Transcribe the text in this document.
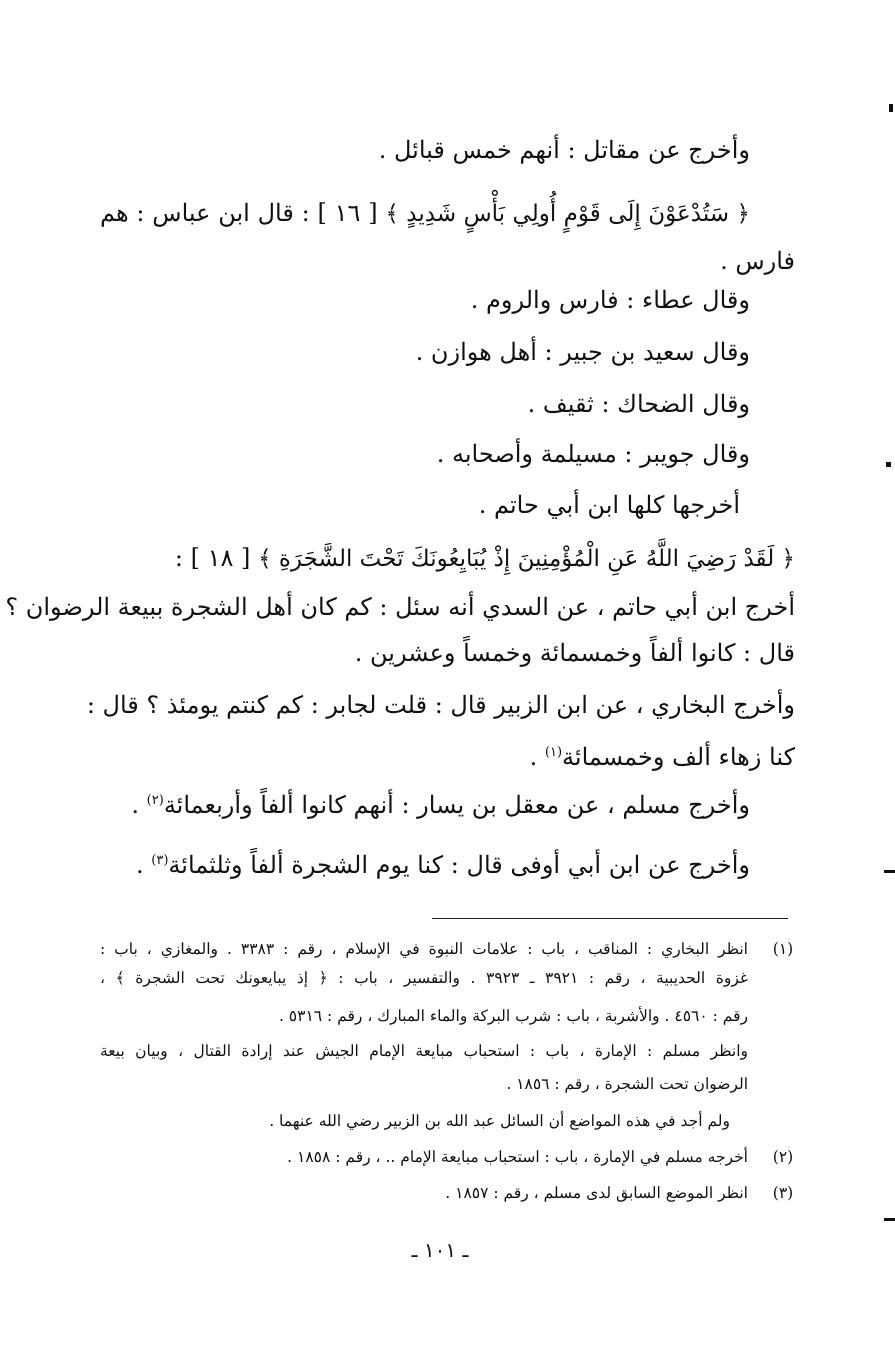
وأخرج عن مقاتل : أنهم خمس قبائل .

﴿ سَتُدْعَوْنَ إِلَى قَوْمٍ أُولِي بَأْسٍ شَدِيدٍ ﴾ [ ١٦ ] : قال ابن عباس : هم

فارس .

وقال عطاء : فارس والروم .

وقال سعيد بن جبير : أهل هوازن .

وقال الضحاك : ثقيف .

وقال جويبر : مسيلمة وأصحابه .

أخرجها كلها ابن أبي حاتم .

﴿ لَقَدْ رَضِيَ اللَّهُ عَنِ الْمُؤْمِنِينَ إِذْ يُبَايِعُونَكَ تَحْتَ الشَّجَرَةِ ﴾ [ ١٨ ] :

أخرج ابن أبي حاتم ، عن السدي أنه سئل : كم كان أهل الشجرة ببيعة الرضوان ؟

قال : كانوا ألفاً وخمسمائة وخمساً وعشرين .

وأخرج البخاري ، عن ابن الزبير قال : قلت لجابر : كم كنتم يومئذ ؟ قال :

كنا زهاء ألف وخمسمائة$^{(١)}$ .

وأخرج مسلم ، عن معقل بن يسار : أنهم كانوا ألفاً وأربعمائة$^{(٢)}$ .

وأخرج عن ابن أبي أوفى قال : كنا يوم الشجرة ألفاً وثلثمائة$^{(٣)}$ .

(١)

انظر البخاري : المناقب ، باب : علامات النبوة في الإسلام ، رقم : ٣٣٨٣ . والمغازي ، باب :

غزوة الحديبية ، رقم : ٣٩٢١ ـ ٣٩٢٣ . والتفسير ، باب : ﴿ إذ يبايعونك تحت الشجرة ﴾ ،

رقم : ٤٥٦٠ . والأشربة ، باب : شرب البركة والماء المبارك ، رقم : ٥٣١٦ .

وانظر مسلم : الإمارة ، باب : استحباب مبايعة الإمام الجيش عند إرادة القتال ، وبيان بيعة

الرضوان تحت الشجرة ، رقم : ١٨٥٦ .

ولم أجد في هذه المواضع أن السائل عبد الله بن الزبير رضي الله عنهما .

(٢)

أخرجه مسلم في الإمارة ، باب : استحباب مبايعة الإمام .. ، رقم : ١٨٥٨ .

(٣)

انظر الموضع السابق لدى مسلم ، رقم : ١٨٥٧ .

ـ ١٠١ ـ
